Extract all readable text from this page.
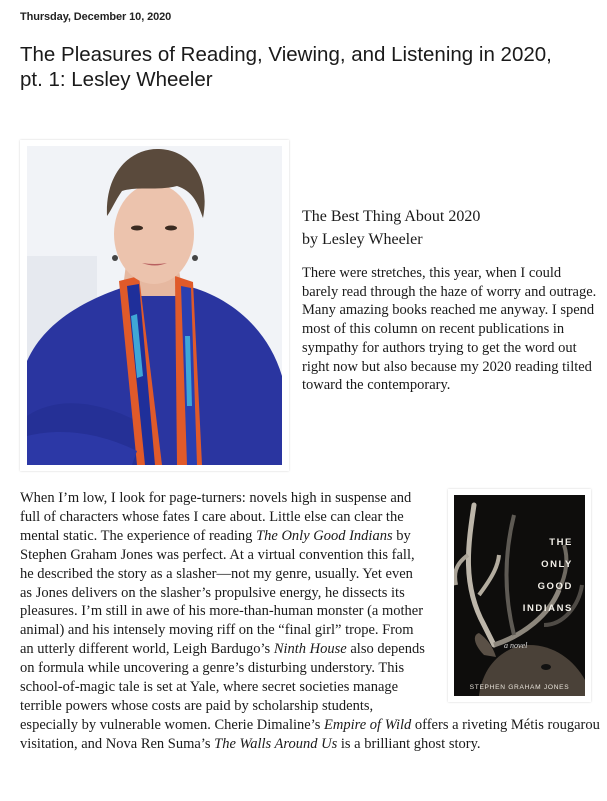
Thursday, December 10, 2020
The Pleasures of Reading, Viewing, and Listening in 2020, pt. 1: Lesley Wheeler
The Best Thing About 2020
by Lesley Wheeler

There were stretches, this year, when I could barely read through the haze of worry and outrage. Many amazing books reached me anyway. I spend most of this column on recent publications in sympathy for authors trying to get the word out right now but also because my 2020 reading tilted toward the contemporary.

THE
ONLY
GOOD
INDIANS
a novel
STEPHEN GRAHAM JONES

When I’m low, I look for page-turners: novels high in suspense and full of characters whose fates I care about. Little else can clear the mental static. The experience of reading The Only Good Indians by Stephen Graham Jones was perfect. At a virtual convention this fall, he described the story as a slasher—not my genre, usually. Yet even as Jones delivers on the slasher’s propulsive energy, he dissects its pleasures. I’m still in awe of his more-than-human monster (a mother animal) and his intensely moving riff on the “final girl” trope. From an utterly different world, Leigh Bardugo’s Ninth House also depends on formula while uncovering a genre’s disturbing understory. This school-of-magic tale is set at Yale, where secret societies manage terrible powers whose costs are paid by scholarship students, especially by vulnerable women. Cherie Dimaline’s Empire of Wild offers a riveting Métis rougarou visitation, and Nova Ren Suma’s The Walls Around Us is a brilliant ghost story.
